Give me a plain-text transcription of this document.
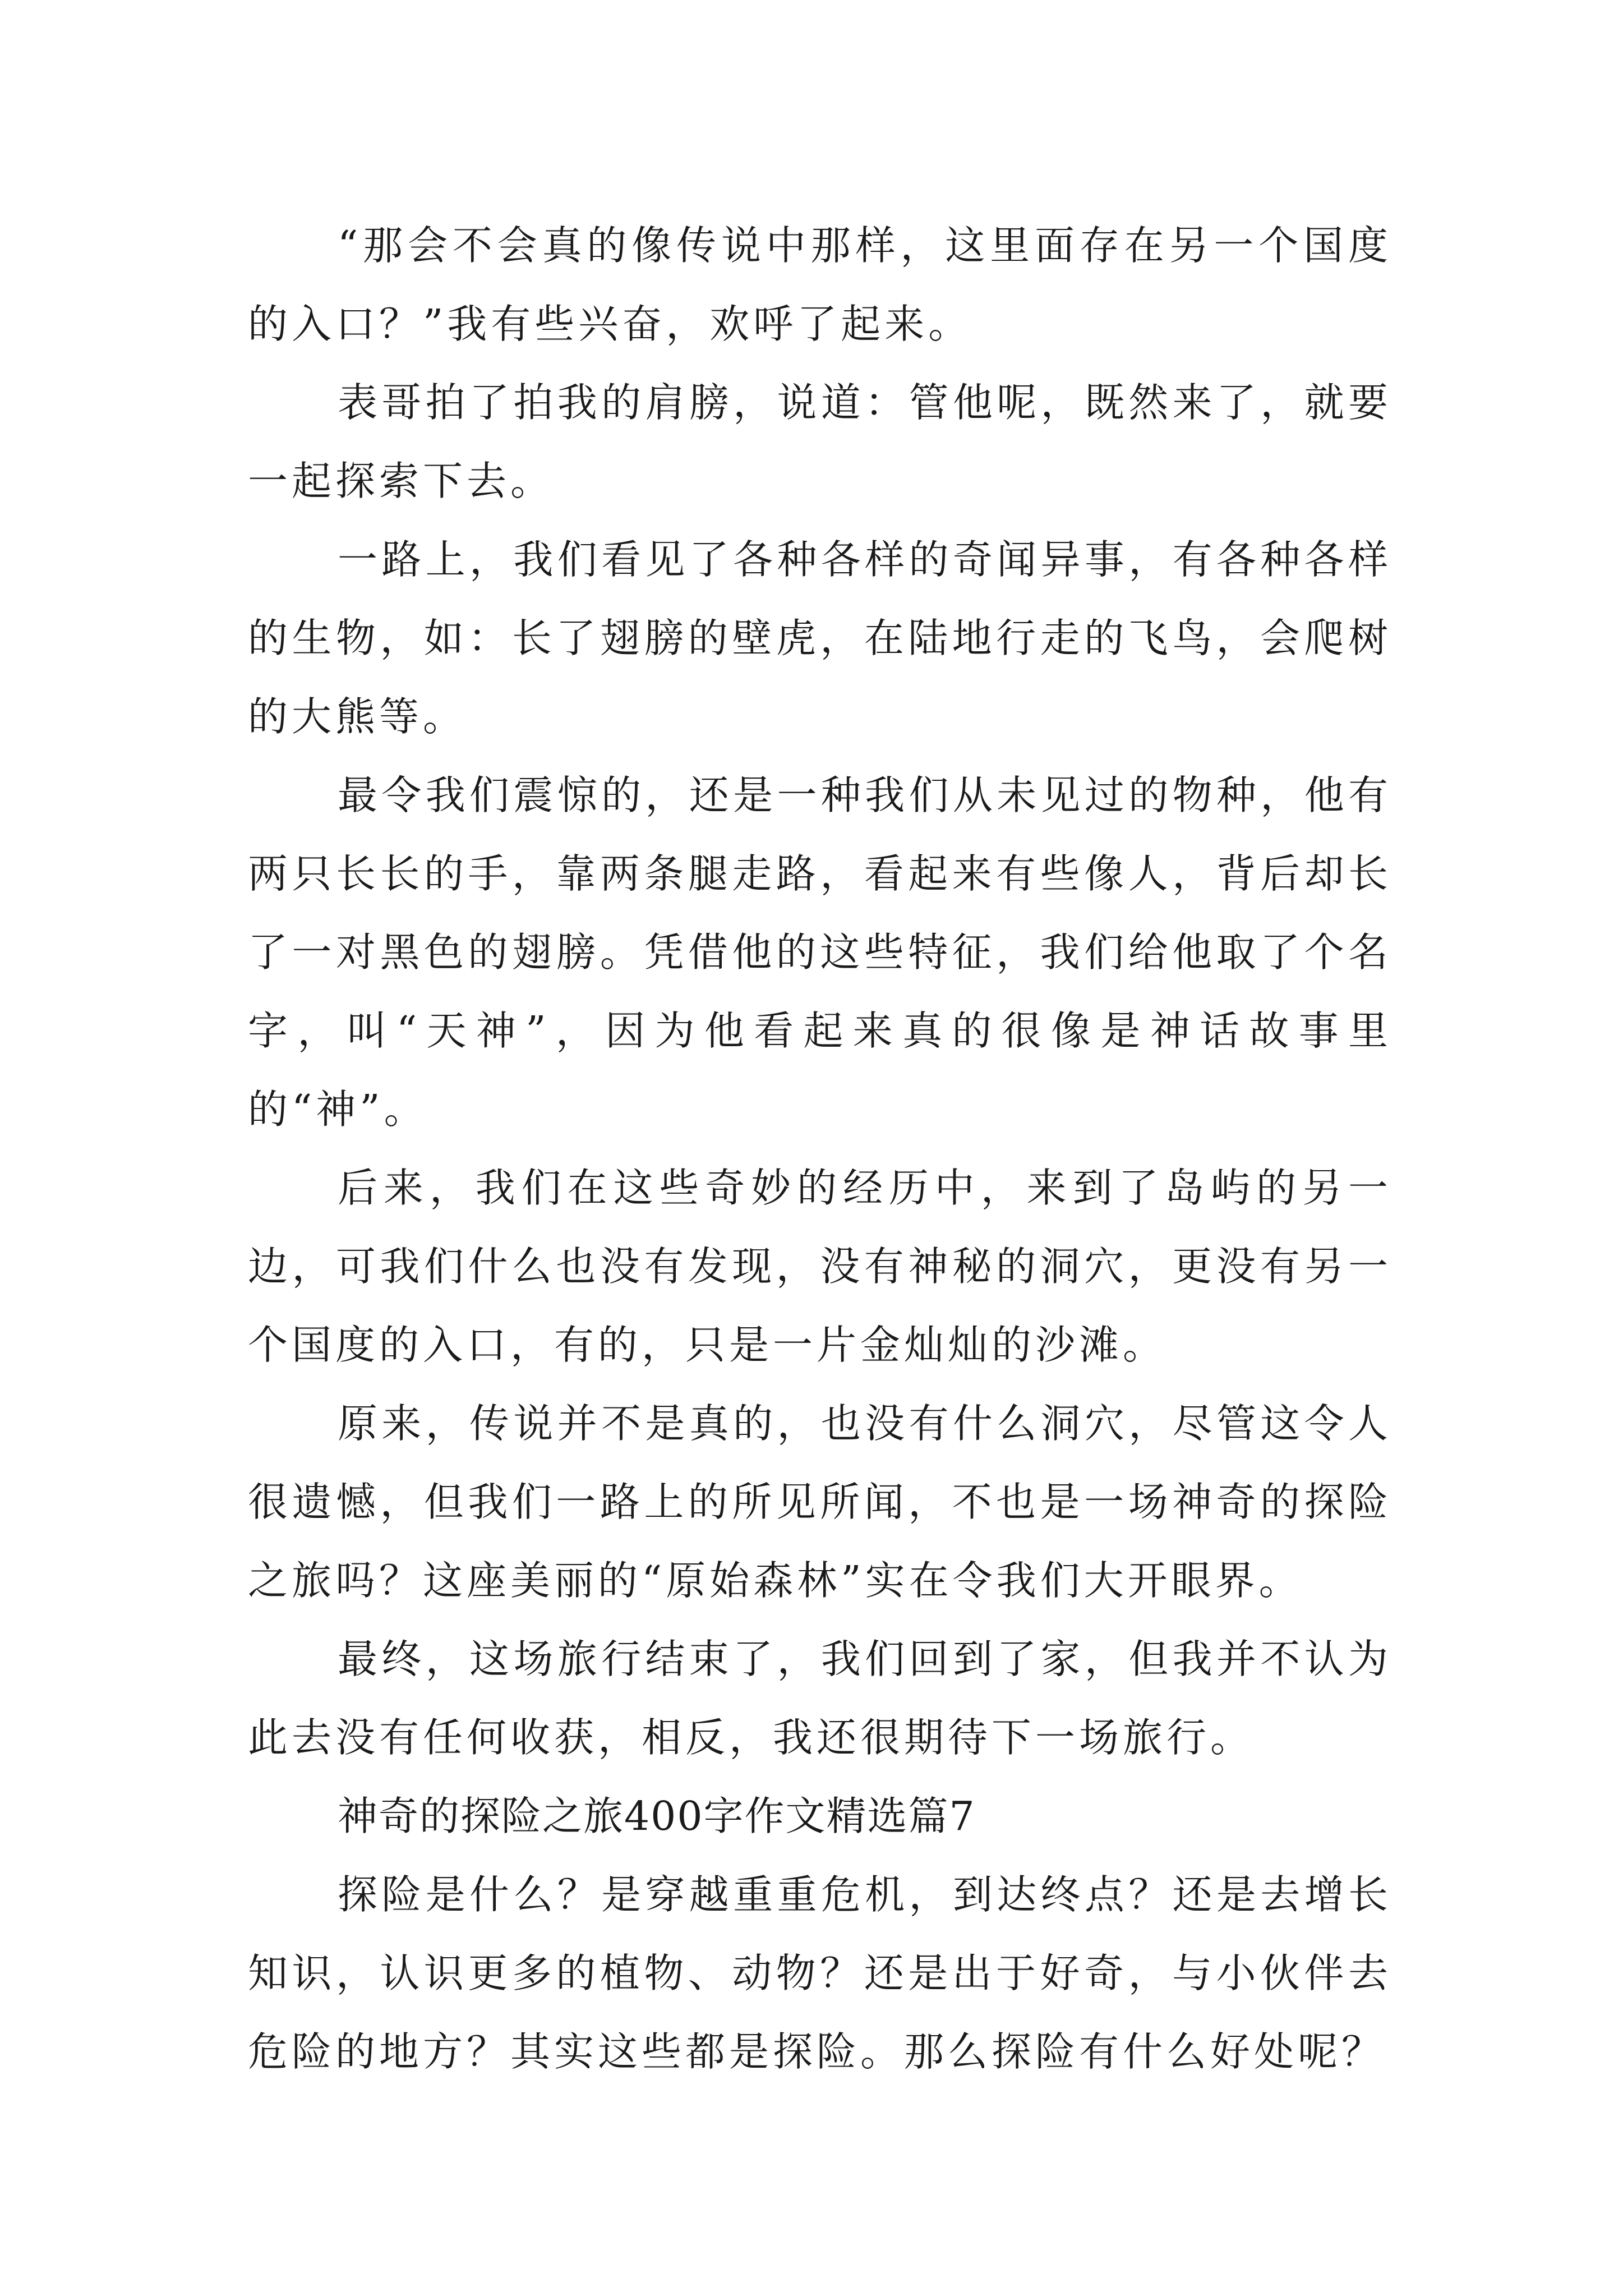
“那会不会真的像传说中那样，这里面存在另一个国度的入口？”我有些兴奋，欢呼了起来。

表哥拍了拍我的肩膀，说道：管他呢，既然来了，就要一起探索下去。

一路上，我们看见了各种各样的奇闻异事，有各种各样的生物，如：长了翅膀的壁虎，在陆地行走的飞鸟，会爬树的大熊等。

最令我们震惊的，还是一种我们从未见过的物种，他有两只长长的手，靠两条腿走路，看起来有些像人，背后却长了一对黑色的翅膀。凭借他的这些特征，我们给他取了个名字，叫“天神”，因为他看起来真的很像是神话故事里的“神”。

后来，我们在这些奇妙的经历中，来到了岛屿的另一边，可我们什么也没有发现，没有神秘的洞穴，更没有另一个国度的入口，有的，只是一片金灿灿的沙滩。

原来，传说并不是真的，也没有什么洞穴，尽管这令人很遗憾，但我们一路上的所见所闻，不也是一场神奇的探险之旅吗？这座美丽的“原始森林”实在令我们大开眼界。

最终，这场旅行结束了，我们回到了家，但我并不认为此去没有任何收获，相反，我还很期待下一场旅行。

神奇的探险之旅400字作文精选篇7

探险是什么？是穿越重重危机，到达终点？还是去增长知识，认识更多的植物、动物？还是出于好奇，与小伙伴去危险的地方？其实这些都是探险。那么探险有什么好处呢？
